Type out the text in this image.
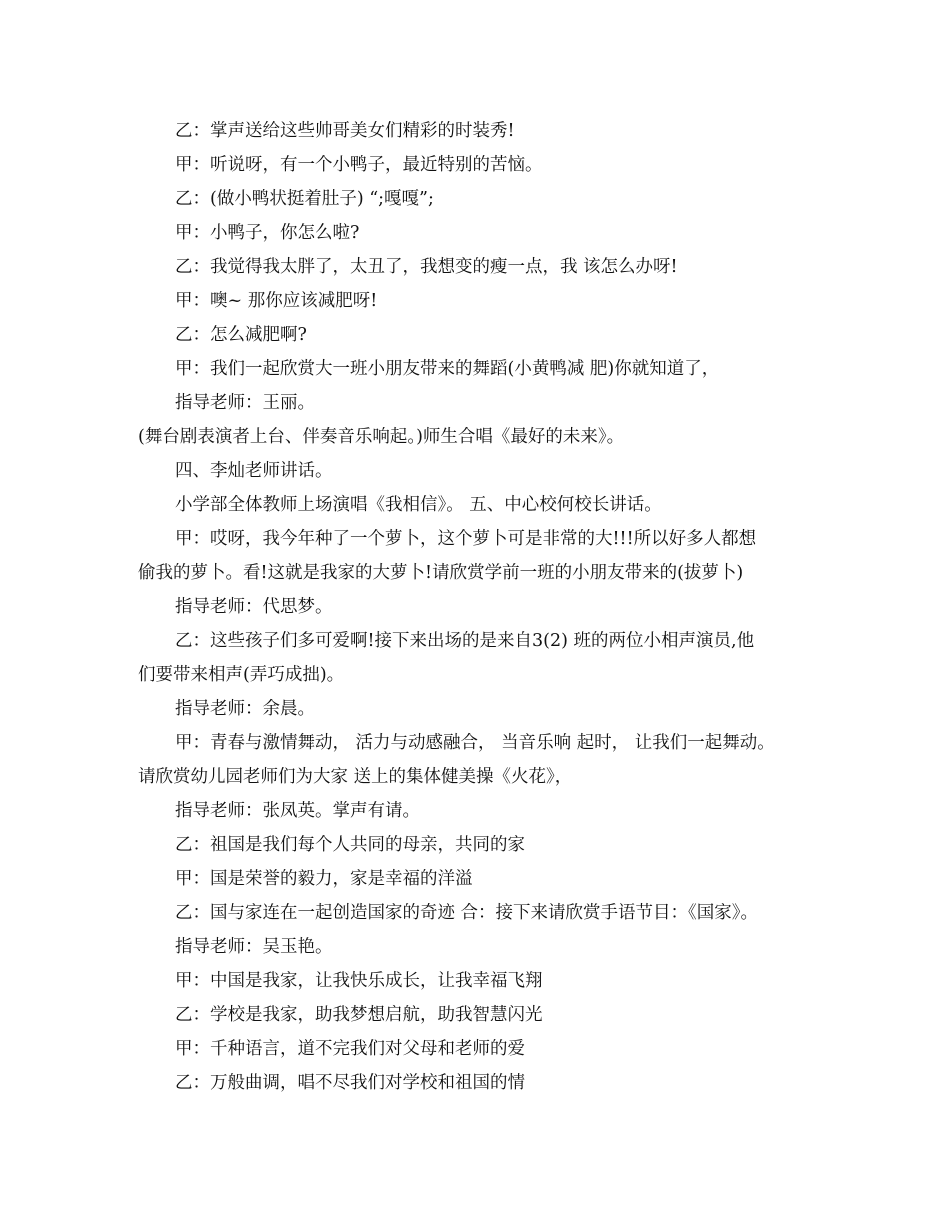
乙：掌声送给这些帅哥美女们精彩的时装秀!

甲：听说呀，有一个小鸭子，最近特别的苦恼。

乙：(做小鸭状挺着肚子) “;嘎嘎”;

甲：小鸭子，你怎么啦?

乙：我觉得我太胖了，太丑了，我想变的瘦一点，我 该怎么办呀!

甲：噢~ 那你应该减肥呀!

乙：怎么减肥啊?

甲：我们一起欣赏大一班小朋友带来的舞蹈(小黄鸭减 肥)你就知道了，

指导老师：王丽。

(舞台剧表演者上台、伴奏音乐响起。)师生合唱《最好的未来》。

四、李灿老师讲话。

小学部全体教师上场演唱《我相信》。 五、中心校何校长讲话。

甲：哎呀，我今年种了一个萝卜，这个萝卜可是非常的大!!!所以好多人都想

偷我的萝卜。看!这就是我家的大萝卜!请欣赏学前一班的小朋友带来的(拔萝卜)

指导老师：代思梦。

乙：这些孩子们多可爱啊!接下来出场的是来自3(2) 班的两位小相声演员,他

们要带来相声(弄巧成拙)。

指导老师：余晨。

甲：青春与激情舞动， 活力与动感融合， 当音乐响 起时， 让我们一起舞动。

请欣赏幼儿园老师们为大家 送上的集体健美操《火花》，

指导老师：张凤英。掌声有请。

乙：祖国是我们每个人共同的母亲，共同的家

甲：国是荣誉的毅力，家是幸福的洋溢

乙：国与家连在一起创造国家的奇迹 合：接下来请欣赏手语节目：《国家》。

指导老师：吴玉艳。

甲：中国是我家，让我快乐成长，让我幸福飞翔

乙：学校是我家，助我梦想启航，助我智慧闪光

甲：千种语言，道不完我们对父母和老师的爱

乙：万般曲调，唱不尽我们对学校和祖国的情
